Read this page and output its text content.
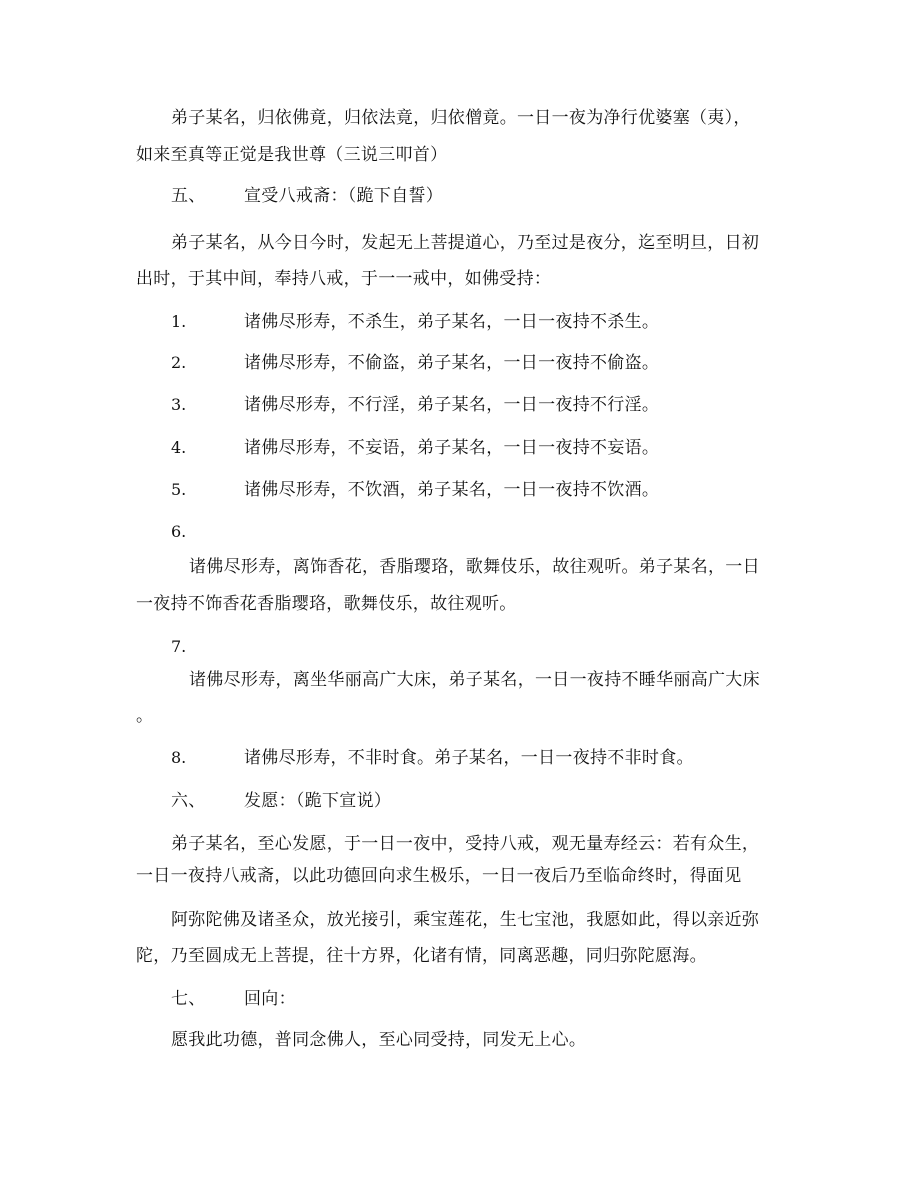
弟子某名，归依佛竟，归依法竟，归依僧竟。一日一夜为净行优婆塞（夷），
如来至真等正觉是我世尊（三说三叩首）
五、 宣受八戒斋：（跪下自誓）
弟子某名，从今日今时，发起无上菩提道心，乃至过是夜分，迄至明旦，日初
出时，于其中间，奉持八戒，于一一戒中，如佛受持：
1.	诸佛尽形寿，不杀生，弟子某名，一日一夜持不杀生。
2.	诸佛尽形寿，不偷盗，弟子某名，一日一夜持不偷盗。
3.	诸佛尽形寿，不行淫，弟子某名，一日一夜持不行淫。
4.	诸佛尽形寿，不妄语，弟子某名，一日一夜持不妄语。
5.	诸佛尽形寿，不饮酒，弟子某名，一日一夜持不饮酒。
6.
诸佛尽形寿，离饰香花，香脂璎珞，歌舞伎乐，故往观听。弟子某名，一日
一夜持不饰香花香脂璎珞，歌舞伎乐，故往观听。
7.
诸佛尽形寿，离坐华丽高广大床，弟子某名，一日一夜持不睡华丽高广大床
。
8.	诸佛尽形寿，不非时食。弟子某名，一日一夜持不非时食。
六、 发愿：（跪下宣说）
弟子某名，至心发愿，于一日一夜中，受持八戒，观无量寿经云：若有众生，
一日一夜持八戒斋，以此功德回向求生极乐，一日一夜后乃至临命终时，得面见
阿弥陀佛及诸圣众，放光接引，乘宝莲花，生七宝池，我愿如此，得以亲近弥
陀，乃至圆成无上菩提，往十方界，化诸有情，同离恶趣，同归弥陀愿海。
七、 回向：
愿我此功德，普同念佛人，至心同受持，同发无上心。
